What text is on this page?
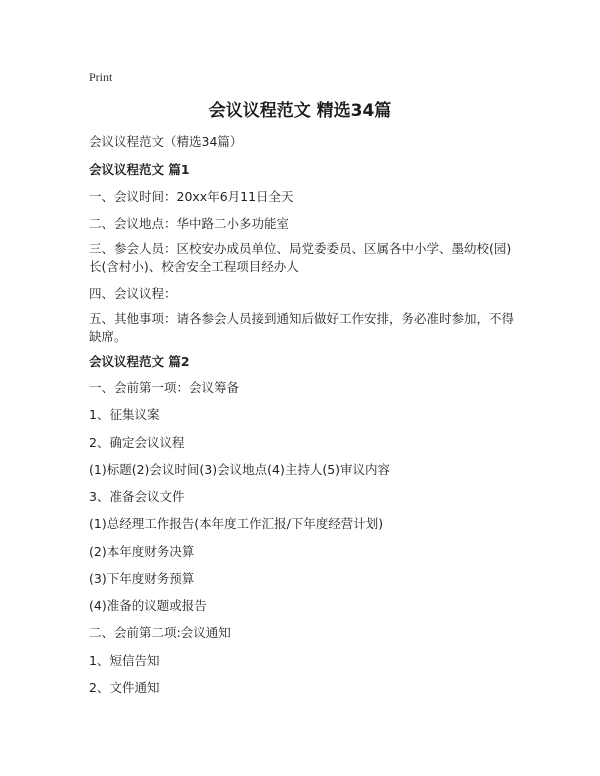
Print
会议议程范文 精选34篇

会议议程范文（精选34篇）

会议议程范文 篇1

一、会议时间：20xx年6月11日全天

二、会议地点：华中路二小多功能室

三、参会人员：区校安办成员单位、局党委委员、区属各中小学、墨幼校(园)长(含村小)、校舍安全工程项目经办人

四、会议议程：

五、其他事项：请各参会人员接到通知后做好工作安排，务必准时参加，不得缺席。

会议议程范文 篇2

一、会前第一项：会议筹备

1、征集议案

2、确定会议议程

(1)标题(2)会议时间(3)会议地点(4)主持人(5)审议内容

3、准备会议文件

(1)总经理工作报告(本年度工作汇报/下年度经营计划)

(2)本年度财务决算

(3)下年度财务预算

(4)准备的议题或报告

二、会前第二项:会议通知

1、短信告知

2、文件通知
